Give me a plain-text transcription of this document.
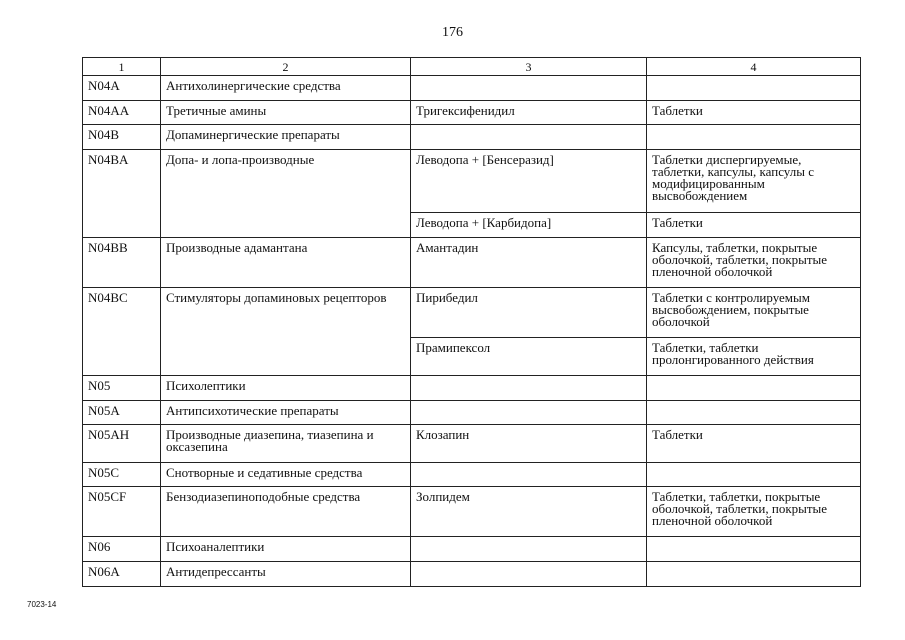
176
1	2	3	4
N04A	Антихолинергические средства		
N04AA	Третичные амины	Тригексифенидил	Таблетки
N04B	Допаминергические препараты		
N04BA	Допа- и лопа-производные	Леводопа + [Бенсеразид]	Таблетки диспергируемые, таблетки, капсулы, капсулы с модифицированным высвобождением
		Леводопа + [Карбидопа]	Таблетки
N04BB	Производные адамантана	Амантадин	Капсулы, таблетки, покрытые оболочкой, таблетки, покрытые пленочной оболочкой
N04BC	Стимуляторы допаминовых рецепторов	Пирибедил	Таблетки с контролируемым высвобождением, покрытые оболочкой
		Прамипексол	Таблетки, таблетки пролонгированного действия
N05	Психолептики		
N05A	Антипсихотические препараты		
N05AH	Производные диазепина, тиазепина и оксазепина	Клозапин	Таблетки
N05C	Снотворные и седативные средства		
N05CF	Бензодиазепиноподобные средства	Золпидем	Таблетки, таблетки, покрытые оболочкой, таблетки, покрытые пленочной оболочкой
N06	Психоаналептики		
N06A	Антидепрессанты		
7023-14
